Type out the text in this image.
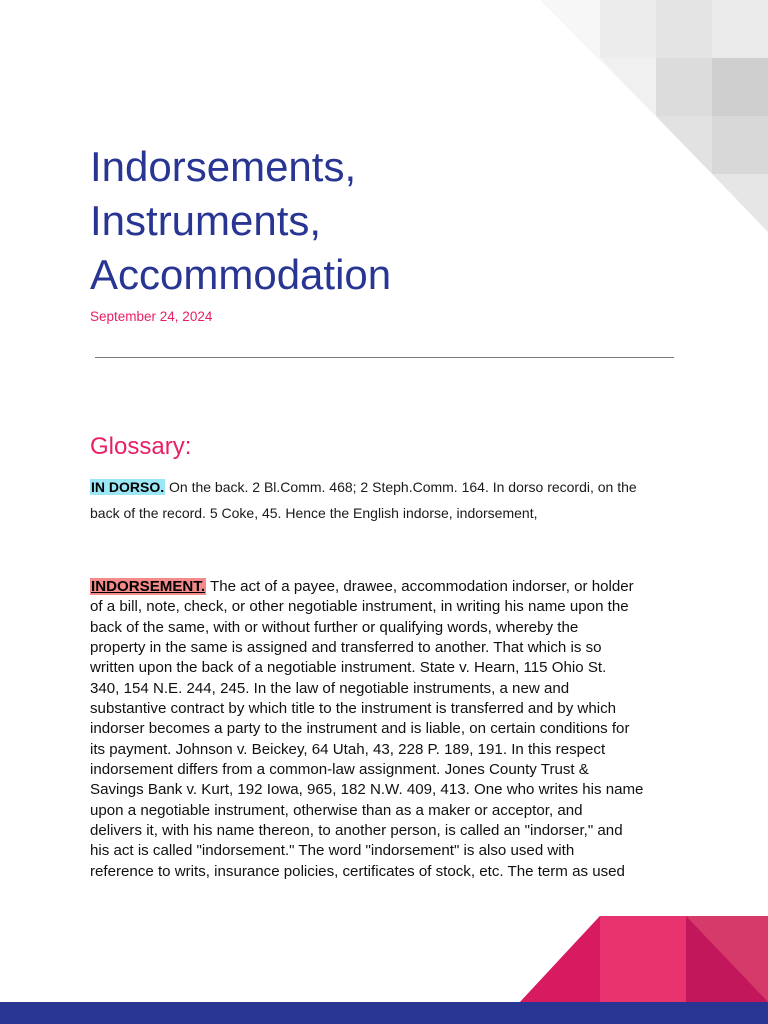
Indorsements,
Instruments,
Accommodation
September 24, 2024
Glossary:

IN DORSO. On the back. 2 Bl.Comm. 468; 2 Steph.Comm. 164. In dorso recordi, on the
back of the record. 5 Coke, 45. Hence the English indorse, indorsement,

INDORSEMENT. The act of a payee, drawee, accommodation indorser, or holder
of a bill, note, check, or other negotiable instrument, in writing his name upon the
back of the same, with or without further or qualifying words, whereby the
property in the same is assigned and transferred to another. That which is so
written upon the back of a negotiable instrument. State v. Hearn, 115 Ohio St.
340, 154 N.E. 244, 245. In the law of negotiable instruments, a new and
substantive contract by which title to the instrument is transferred and by which
indorser becomes a party to the instrument and is liable, on certain conditions for
its payment. Johnson v. Beickey, 64 Utah, 43, 228 P. 189, 191. In this respect
indorsement differs from a common-law assignment. Jones County Trust &
Savings Bank v. Kurt, 192 Iowa, 965, 182 N.W. 409, 413. One who writes his name
upon a negotiable instrument, otherwise than as a maker or acceptor, and
delivers it, with his name thereon, to another person, is called an "indorser," and
his act is called "indorsement." The word "indorsement" is also used with
reference to writs, insurance policies, certificates of stock, etc. The term as used
